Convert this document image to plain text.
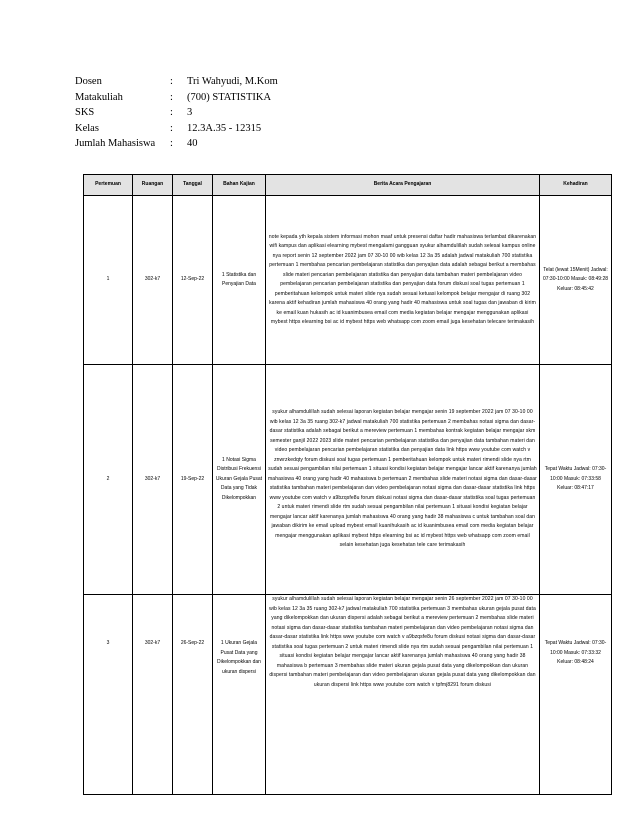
Dosen	:	Tri Wahyudi, M.Kom
Matakuliah	:	(700) STATISTIKA
SKS	:	3
Kelas	:	12.3A.35 - 12315
Jumlah Mahasiswa	:	40
Pertemuan	Ruangan	Tanggal	Bahan Kajian	Berita Acara Pengajaran	Kehadiran
1	302-k7	12-Sep-22	1 Statistika dan Penyajian Data	note kepada yth kepala sistem informasi mohon maaf untuk presensi daftar hadir mahasiswa terlambat dikarenakan wifi kampus dan aplikasi elearning mybest mengalami gangguan syukur alhamdulillah sudah selesai kampus online nya report senin 12 september 2022 jam 07 30-10 00 wib kelas 12 3a 35 adalah jadwal matakuliah 700 statistika pertemuan 1 membahas pencarian pembelajaran statistika dan penyajian data adalah sebagai berikut a membahas slide materi pencarian pembelajaran statistika dan penyajian data tambahan materi pembelajaran video pembelajaran pencarian pembelajaran statistika dan penyajian data forum diskusi soal tugas pertemuan 1 pemberitahuan kelompok untuk materi slide nya sudah sesuai ketuasi kelompok belajar mengajar di ruang 302 karena aktif kehadiran jumlah mahasiswa 40 orang yang hadir 40 mahasiswa untuk soal tugas dan jawaban di kirim ke email kuan hukasih ac id kuanimbusea email com media kegiatan belajar mengajar menggunakan aplikasi mybest https elearning bsi ac id mybest https web whatsapp com zoom email juga kesehatan telecare terimakasih	Telat (lewat 15Menit) Jadwal: 07:30-10:00 Masuk: 08:49:28 Keluar: 08:45:42
2	302-k7	19-Sep-22	1 Notasi Sigma Distribusi Frekuensi Ukuran Gejala Pusat Data yang Tidak Dikelompokkan	syukur alhamdulillah sudah selesai laporan kegiatan belajar mengajar senin 19 september 2022 jam 07 30-10 00 wib kelas 12 3a 35 ruang 302-k7 jadwal matakuliah 700 statistika pertemuan 2 membahas notasi sigma dan dasar-dasar statistika adalah sebagai berikut a mereview pertemuan 1 membahas kontrak kegiatan belajar mengajar skm semester ganjil 2022 2023 slide materi pencarian pembelajaran statistika dan penyajian data tambahan materi dan video pembelajaran pencarian pembelajaran statistika dan penyajian data link https www youtube com watch v znwrzkedqty forum diskusi soal tugas pertemuan 1 pemberitahuan kelompok untuk materi rimendi slide nya rtm sudah sesuai pengambilan nilai pertemuan 1 situasi kondisi kegiatan belajar mengajar lancar aktif karenanya jumlah mahasiswa 40 orang yang hadir 40 mahasiswa b pertemuan 2 membahas slide materi notasi sigma dan dasar-dasar statistika tambahan materi pembelajaran dan video pembelajaran notasi sigma dan dasar-dasar statistika link https www youtube com watch v a9bzqsfe8u forum diskusi notasi sigma dan dasar-dasar statistika soal tugas pertemuan 2 untuk materi rimendi slide rtm sudah sesuai pengambilan nilai pertemuan 1 situasi kondisi kegiatan belajar mengajar lancar aktif karenanya jumlah mahasiswa 40 orang yang hadir 38 mahasiswa c untuk tambahan soal dan jawaban dikirim ke email upload mybest email kuanihukasih ac id kuanimbusea email com media kegiatan belajar mengajar menggunakan aplikasi mybest https elearning bsi ac id mybest https web whatsapp com zoom email selain kesehatan juga kesehatan tele care terimakasih	Tepat Waktu Jadwal: 07:30-10:00 Masuk: 07:33:58 Keluar: 08:47:17
3	302-k7	26-Sep-22	1 Ukuran Gejala Pusat Data yang Dikelompokkan dan ukuran dispersi	syukur alhamdulillah sudah selesai laporan kegiatan belajar mengajar senin 26 september 2022 jam 07 30-10 00 wib kelas 12 3a 35 ruang 302-k7 jadwal matakuliah 700 statistika pertemuan 3 membahas ukuran gejala pusat data yang dikelompokkan dan ukuran dispersi adalah sebagai berikut a mereview pertemuan 2 membahas slide materi notasi sigma dan dasar-dasar statistika tambahan materi pembelajaran dan video pembelajaran notasi sigma dan dasar-dasar statistika link https www youtube com watch v a9bzqsfe8u forum diskusi notasi sigma dan dasar-dasar statistika soal tugas pertemuan 2 untuk materi rimendi slide nya rtm sudah sesuai pengambilan nilai pertemuan 1 situasi kondisi kegiatan belajar mengajar lancar aktif karenanya jumlah mahasiswa 40 orang yang hadir 38 mahasiswa b pertemuan 3 membahas slide materi ukuran gejala pusat data yang dikelompokkan dan ukuran dispersi tambahan materi pembelajaran dan video pembelajaran ukuran gejala pusat data yang dikelompokkan dan ukuran dispersi link https www youtube com watch v tpfmj8291 forum diskusi	Tepat Waktu Jadwal: 07:30-10:00 Masuk: 07:33:32 Keluar: 08:48:24
